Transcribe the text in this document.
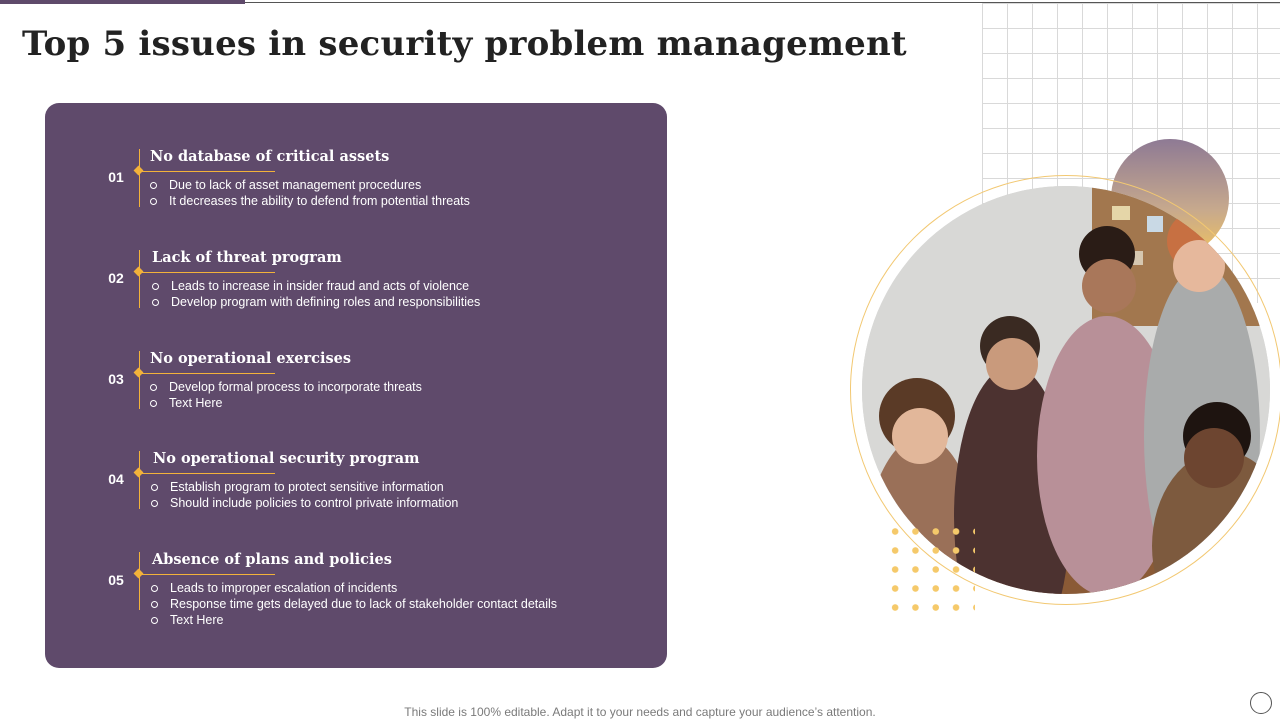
Top 5 issues in security problem management
01
No database of critical assets
Due to lack of asset management procedures
It decreases the ability to defend from potential threats
02
Lack of threat program
Leads to increase in insider fraud and acts of violence
Develop program with defining roles and responsibilities
03
No operational exercises
Develop formal process to incorporate threats
Text Here
04
No operational security program
Establish program to protect sensitive information
Should include policies to control private information
05
Absence of plans and policies
Leads to improper escalation of incidents
Response time gets delayed due to lack of stakeholder contact details
Text Here
This slide is 100% editable. Adapt it to your needs and capture your audience’s attention.
